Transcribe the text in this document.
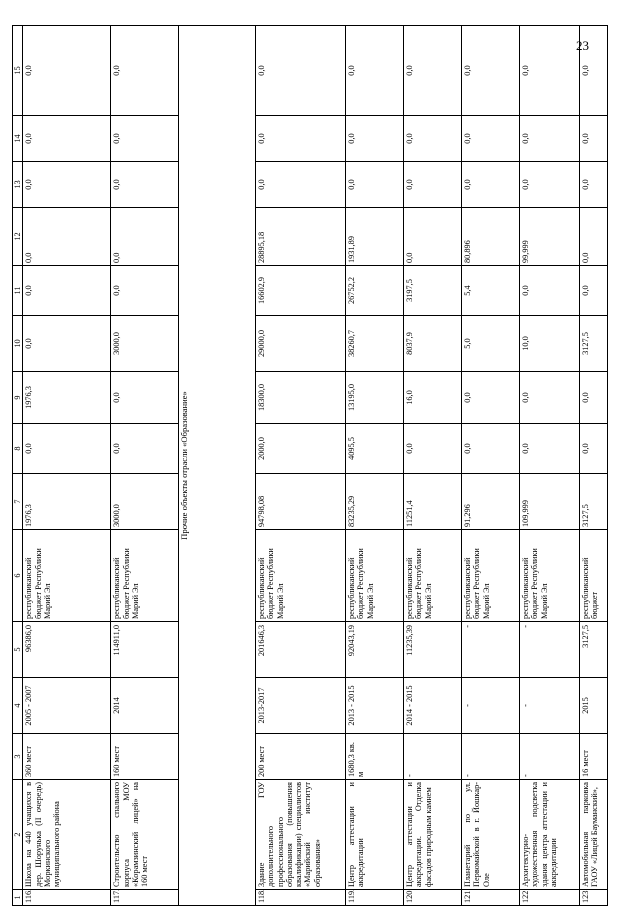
23
1	2	3	4	5	6	7	8	9	10	11	12	13	14	15
116.	Школа на 440 учащихся в дер. Шорунька (II очередь) Моркинского муниципального района	360 мест	2005 - 2007	96386,0	республиканский бюджет Республики Марий Эл	1976,3	0,0	1976,3	0,0	0,0	0,0	0,0	0,0	0,0
117.	Строительство спального корпуса МОУ «Корамзинский лицей» на 160 мест	160 мест	2014	114911,0	республиканский бюджет Республики Марий Эл	3000,0	0,0	0,0	3000,0	0,0	0,0	0,0	0,0	0,0
Прочие объекты отрасли «Образование»														
118.	Здание ГОУ дополнительного профессионального образования (повышения квалификации) специалистов «Марийский институт образования»	200 мест	2013-2017	201646,3	республиканский бюджет Республики Марий Эл	94798,08	2000,0	18300,0	29000,0	16602,9	28895,18	0,0	0,0	0,0
119.	Центр аттестации и аккредитации	1680,3 кв. м	2013 - 2015	92043,19	республиканский бюджет Республики Марий Эл	83235,29	4095,5	13195,0	38260,7	26752,2	1931,89	0,0	0,0	0,0
120.	Центр аттестации и аккредитации. Отделка фасадов природным камнем	-	2014 - 2015	11235,39	республиканский бюджет Республики Марий Эл	11251,4	0,0	16,0	8037,9	3197,5	0,0	0,0	0,0	0,0
121.	Планетарий по ул. Первомайской в г. Йошкар-Оле	-	-	-	республиканский бюджет Республики Марий Эл	91,296	0,0	0,0	5,0	5,4	80,896	0,0	0,0	0,0
122.	Архитектурно-художественная подсветка здания центра аттестации и аккредитации	-	-	-	республиканский бюджет Республики Марий Эл	109,999	0,0	0,0	10,0	0,0	99,999	0,0	0,0	0,0
123	Автомобильная парковка ГАОУ «Лицей Бауманский»,	16 мест	2015	3127,5	республиканский бюджет	3127,5	0,0	0,0	3127,5	0,0	0,0	0,0	0,0	0,0
